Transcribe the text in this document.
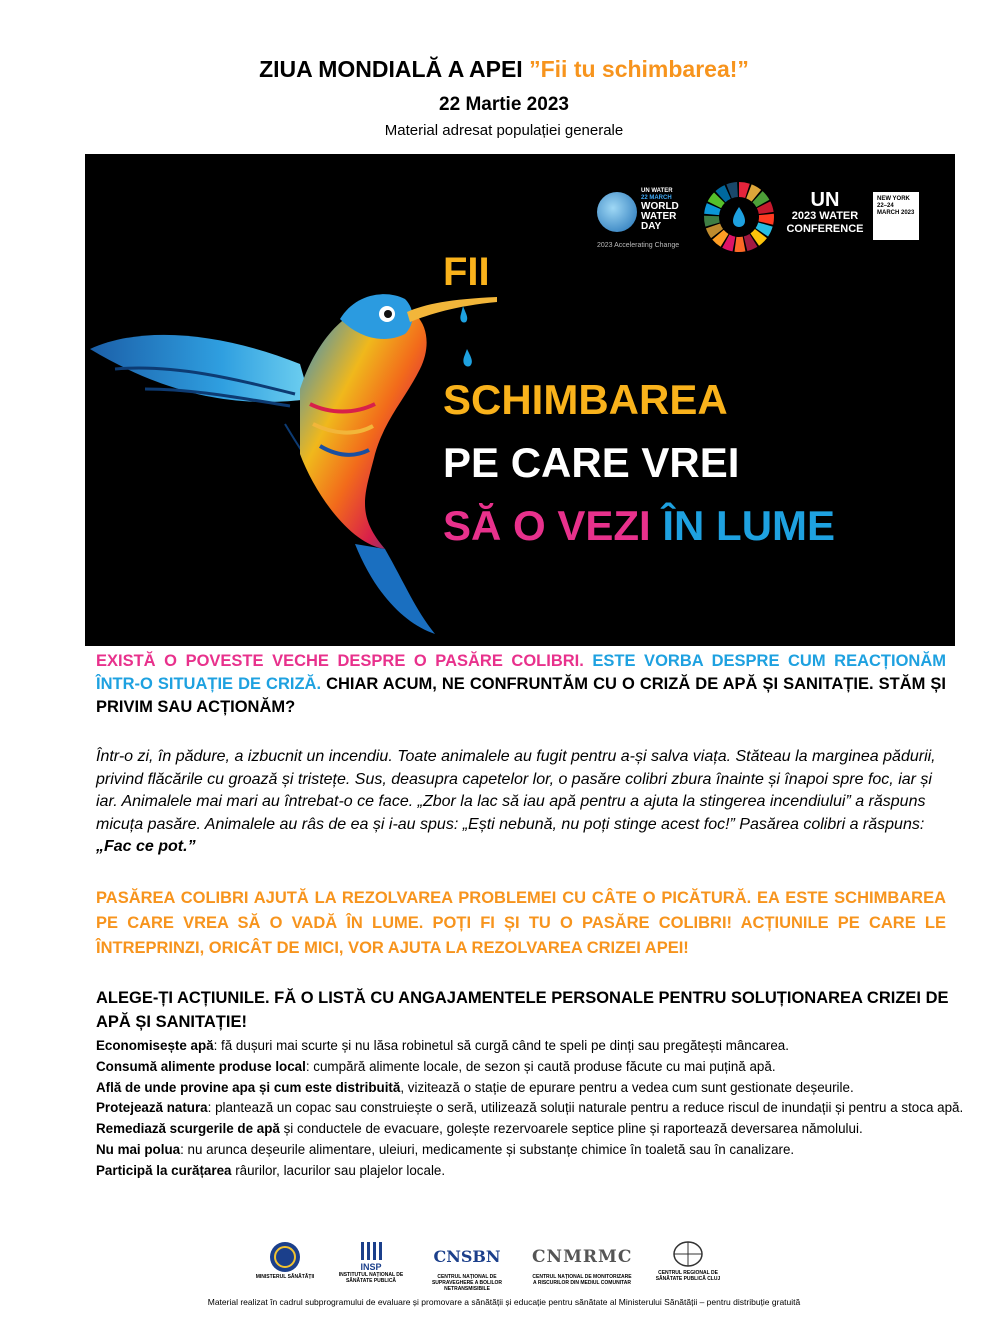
ZIUA MONDIALĂ A APEI ”Fii tu schimbarea!”
22 Martie 2023
Material adresat populației generale
UN WATER
22 MARCH
WORLD WATER DAY
2023 Accelerating Change
UN
2023 WATER CONFERENCE
NEW YORK 22–24 MARCH 2023
FII
SCHIMBAREA
PE CARE VREI
SĂ O VEZI ÎN LUME
EXISTĂ O POVESTE VECHE DESPRE O PASĂRE COLIBRI. ESTE VORBA DESPRE CUM REACȚIONĂM ÎNTR-O SITUAȚIE DE CRIZĂ. CHIAR ACUM, NE CONFRUNTĂM CU O CRIZĂ DE APĂ ȘI SANITAȚIE. STĂM ȘI PRIVIM SAU ACȚIONĂM?
Într-o zi, în pădure, a izbucnit un incendiu. Toate animalele au fugit pentru a-și salva viața. Stăteau la marginea pădurii, privind flăcările cu groază și tristețe. Sus, deasupra capetelor lor, o pasăre colibri zbura înainte și înapoi spre foc, iar și iar. Animalele mai mari au întrebat-o ce face. „Zbor la lac să iau apă pentru a ajuta la stingerea incendiului” a răspuns micuța pasăre. Animalele au râs de ea și i-au spus: „Ești nebună, nu poți stinge acest foc!” Pasărea colibri a răspuns: „Fac ce pot.”
PASĂREA COLIBRI AJUTĂ LA REZOLVAREA PROBLEMEI CU CÂTE O PICĂTURĂ. EA ESTE SCHIMBAREA PE CARE VREA SĂ O VADĂ ÎN LUME. POȚI FI ȘI TU O PASĂRE COLIBRI! ACȚIUNILE PE CARE LE ÎNTREPRINZI, ORICÂT DE MICI, VOR AJUTA LA REZOLVAREA CRIZEI APEI!
ALEGE-ȚI ACȚIUNILE. FĂ O LISTĂ CU ANGAJAMENTELE PERSONALE PENTRU SOLUȚIONAREA CRIZEI DE APĂ ȘI SANITAȚIE!
Economisește apă: fă dușuri mai scurte și nu lăsa robinetul să curgă când te speli pe dinți sau pregătești mâncarea.
Consumă alimente produse local: cumpără alimente locale, de sezon și caută produse făcute cu mai puțină apă.
Află de unde provine apa și cum este distribuită, vizitează o stație de epurare pentru a vedea cum sunt gestionate deșeurile.
Protejează natura: plantează un copac sau construiește o seră, utilizează soluții naturale pentru a reduce riscul de inundații și pentru a stoca apă.
Remediază scurgerile de apă și conductele de evacuare, golește rezervoarele septice pline și raportează deversarea nămolului.
Nu mai polua: nu arunca deșeurile alimentare, uleiuri, medicamente și substanțe chimice în toaletă sau în canalizare.
Participă la curățarea râurilor, lacurilor sau plajelor locale.
MINISTERUL SĂNĂTĂȚII
INSP
INSTITUTUL NAȚIONAL DE SĂNĂTATE PUBLICĂ
CNSBN
CENTRUL NAȚIONAL DE SUPRAVEGHERE A BOLILOR NETRANSMISIBILE
CNMRMC
CENTRUL NAȚIONAL DE MONITORIZARE A RISCURILOR DIN MEDIUL COMUNITAR
CENTRUL REGIONAL DE SĂNĂTATE PUBLICĂ CLUJ
Material realizat în cadrul subprogramului de evaluare și promovare a sănătății și educație pentru sănătate al Ministerului Sănătății – pentru distribuție gratuită
